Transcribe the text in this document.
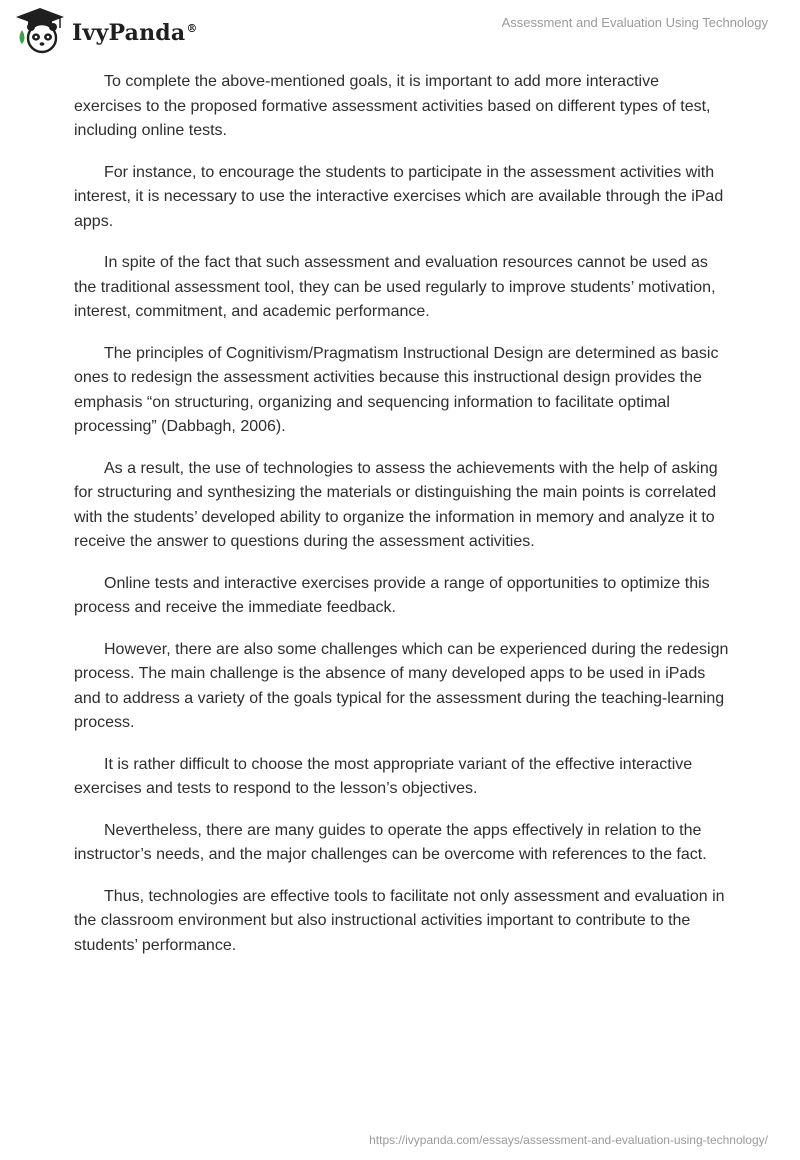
IvyPanda®	Assessment and Evaluation Using Technology

To complete the above-mentioned goals, it is important to add more interactive exercises to the proposed formative assessment activities based on different types of test, including online tests.

For instance, to encourage the students to participate in the assessment activities with interest, it is necessary to use the interactive exercises which are available through the iPad apps.

In spite of the fact that such assessment and evaluation resources cannot be used as the traditional assessment tool, they can be used regularly to improve students’ motivation, interest, commitment, and academic performance.

The principles of Cognitivism/Pragmatism Instructional Design are determined as basic ones to redesign the assessment activities because this instructional design provides the emphasis “on structuring, organizing and sequencing information to facilitate optimal processing” (Dabbagh, 2006).

As a result, the use of technologies to assess the achievements with the help of asking for structuring and synthesizing the materials or distinguishing the main points is correlated with the students’ developed ability to organize the information in memory and analyze it to receive the answer to questions during the assessment activities.

Online tests and interactive exercises provide a range of opportunities to optimize this process and receive the immediate feedback.

However, there are also some challenges which can be experienced during the redesign process. The main challenge is the absence of many developed apps to be used in iPads and to address a variety of the goals typical for the assessment during the teaching-learning process.

It is rather difficult to choose the most appropriate variant of the effective interactive exercises and tests to respond to the lesson’s objectives.

Nevertheless, there are many guides to operate the apps effectively in relation to the instructor’s needs, and the major challenges can be overcome with references to the fact.

Thus, technologies are effective tools to facilitate not only assessment and evaluation in the classroom environment but also instructional activities important to contribute to the students’ performance.

https://ivypanda.com/essays/assessment-and-evaluation-using-technology/
